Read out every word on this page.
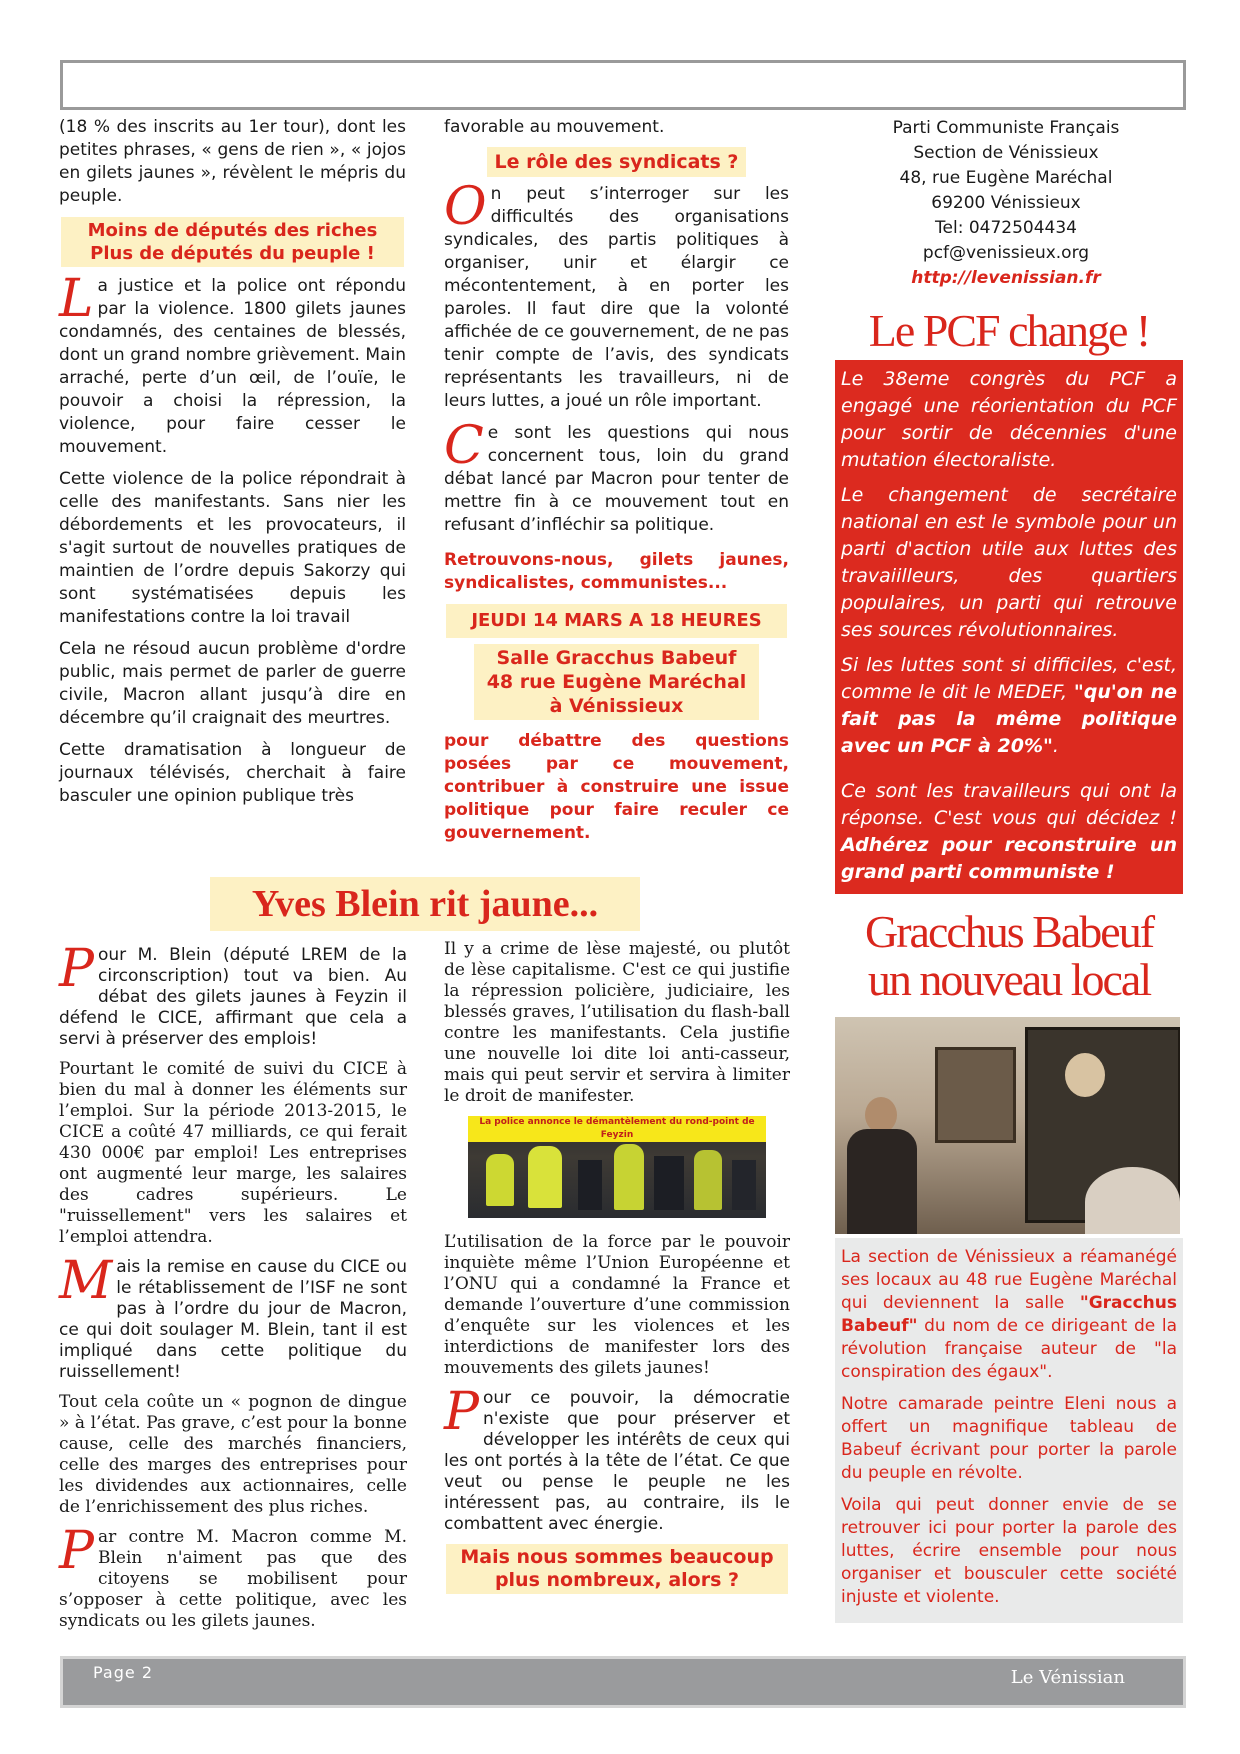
(18 % des inscrits au 1er tour), dont les petites phrases, « gens de rien », « jojos en gilets jaunes », révèlent le mépris du peuple.

Moins de députés des riches
Plus de députés du peuple !

La justice et la police ont répondu par la violence. 1800 gilets jaunes condamnés, des centaines de blessés, dont un grand nombre grièvement. Main arraché, perte d’un œil, de l’ouïe, le pouvoir a choisi la répression, la violence, pour faire cesser le mouvement.

Cette violence de la police répondrait à celle des manifestants. Sans nier les débordements et les provocateurs, il s'agit surtout de nouvelles pratiques de maintien de l’ordre depuis Sakorzy qui sont systématisées depuis les manifestations contre la loi travail

Cela ne résoud aucun problème d'ordre public, mais permet de parler de guerre civile, Macron allant jusqu’à dire en décembre qu’il craignait des meurtres.

Cette dramatisation à longueur de journaux télévisés, cherchait à faire basculer une opinion publique très

favorable au mouvement.

Le rôle des syndicats ?

On peut s’interroger sur les difficultés des organisations syndicales, des partis politiques à organiser, unir et élargir ce mécontentement, à en porter les paroles. Il faut dire que la volonté affichée de ce gouvernement, de ne pas tenir compte de l’avis, des syndicats représentants les travailleurs, ni de leurs luttes, a joué un rôle important.

Ce sont les questions qui nous concernent tous, loin du grand débat lancé par Macron pour tenter de mettre fin à ce mouvement tout en refusant d’infléchir sa politique.

Retrouvons-nous, gilets jaunes, syndicalistes, communistes...

JEUDI 14 MARS A 18 HEURES
Salle Gracchus Babeuf
48 rue Eugène Maréchal
à Vénissieux

pour débattre des questions posées par ce mouvement, contribuer à construire une issue politique pour faire reculer ce gouvernement.

Parti Communiste Français
Section de Vénissieux
48, rue Eugène Maréchal
69200 Vénissieux
Tel: 0472504434
pcf@venissieux.org
http://levenissian.fr
Le PCF change !

Le 38eme congrès du PCF a engagé une réorientation du PCF pour sortir de décennies d'une mutation électoraliste.

Le changement de secrétaire national en est le symbole pour un parti d'action utile aux luttes des travaiilleurs, des quartiers populaires, un parti qui retrouve ses sources révolutionnaires.

Si les luttes sont si difficiles, c'est, comme le dit le MEDEF, "qu'on ne fait pas la même politique avec un PCF à 20%".

Ce sont les travailleurs qui ont la réponse. C'est vous qui décidez ! Adhérez pour reconstruire un grand parti communiste !

Yves Blein rit jaune...

Pour M. Blein (député LREM de la circonscription) tout va bien. Au débat des gilets jaunes à Feyzin il défend le CICE, affirmant que cela a servi à préserver des emplois!

Pourtant le comité de suivi du CICE à bien du mal à donner les éléments sur l’emploi. Sur la période 2013-2015, le CICE a coûté 47 milliards, ce qui ferait 430 000€ par emploi! Les entreprises ont augmenté leur marge, les salaires des cadres supérieurs. Le "ruissellement" vers les salaires et l’emploi attendra.

Mais la remise en cause du CICE ou le rétablissement de l’ISF ne sont pas à l’ordre du jour de Macron, ce qui doit soulager M. Blein, tant il est impliqué dans cette politique du ruissellement!

Tout cela coûte un « pognon de dingue » à l’état. Pas grave, c’est pour la bonne cause, celle des marchés financiers, celle des marges des entreprises pour les dividendes aux actionnaires, celle de l’enrichissement des plus riches.

Par contre M. Macron comme M. Blein n'aiment pas que des citoyens se mobilisent pour s’opposer à cette politique, avec les syndicats ou les gilets jaunes.

Il y a crime de lèse majesté, ou plutôt de lèse capitalisme. C'est ce qui justifie la répression policière, judiciaire, les blessés graves, l’utilisation du flash-ball contre les manifestants. Cela justifie une nouvelle loi dite loi anti-casseur, mais qui peut servir et servira à limiter le droit de manifester.

La police annonce le démantèlement du rond-point de Feyzin

L’utilisation de la force par le pouvoir inquiète même l’Union Européenne et l’ONU qui a condamné la France et demande l’ouverture d’une commission d’enquête sur les violences et les interdictions de manifester lors des mouvements des gilets jaunes!

Pour ce pouvoir, la démocratie n'existe que pour préserver et développer les intérêts de ceux qui les ont portés à la tête de l’état. Ce que veut ou pense le peuple ne les intéressent pas, au contraire, ils le combattent avec énergie.

Mais nous sommes beaucoup
plus nombreux, alors ?
Gracchus Babeuf
un nouveau local

La section de Vénissieux a réamanégé ses locaux au 48 rue Eugène Maréchal qui deviennent la salle "Gracchus Babeuf" du nom de ce dirigeant de la révolution française auteur de "la conspiration des égaux".

Notre camarade peintre Eleni nous a offert un magnifique tableau de Babeuf écrivant pour porter la parole du peuple en révolte.

Voila qui peut donner envie de se retrouver ici pour porter la parole des luttes, écrire ensemble pour nous organiser et bousculer cette société injuste et violente.

Page 2	Le Vénissian
